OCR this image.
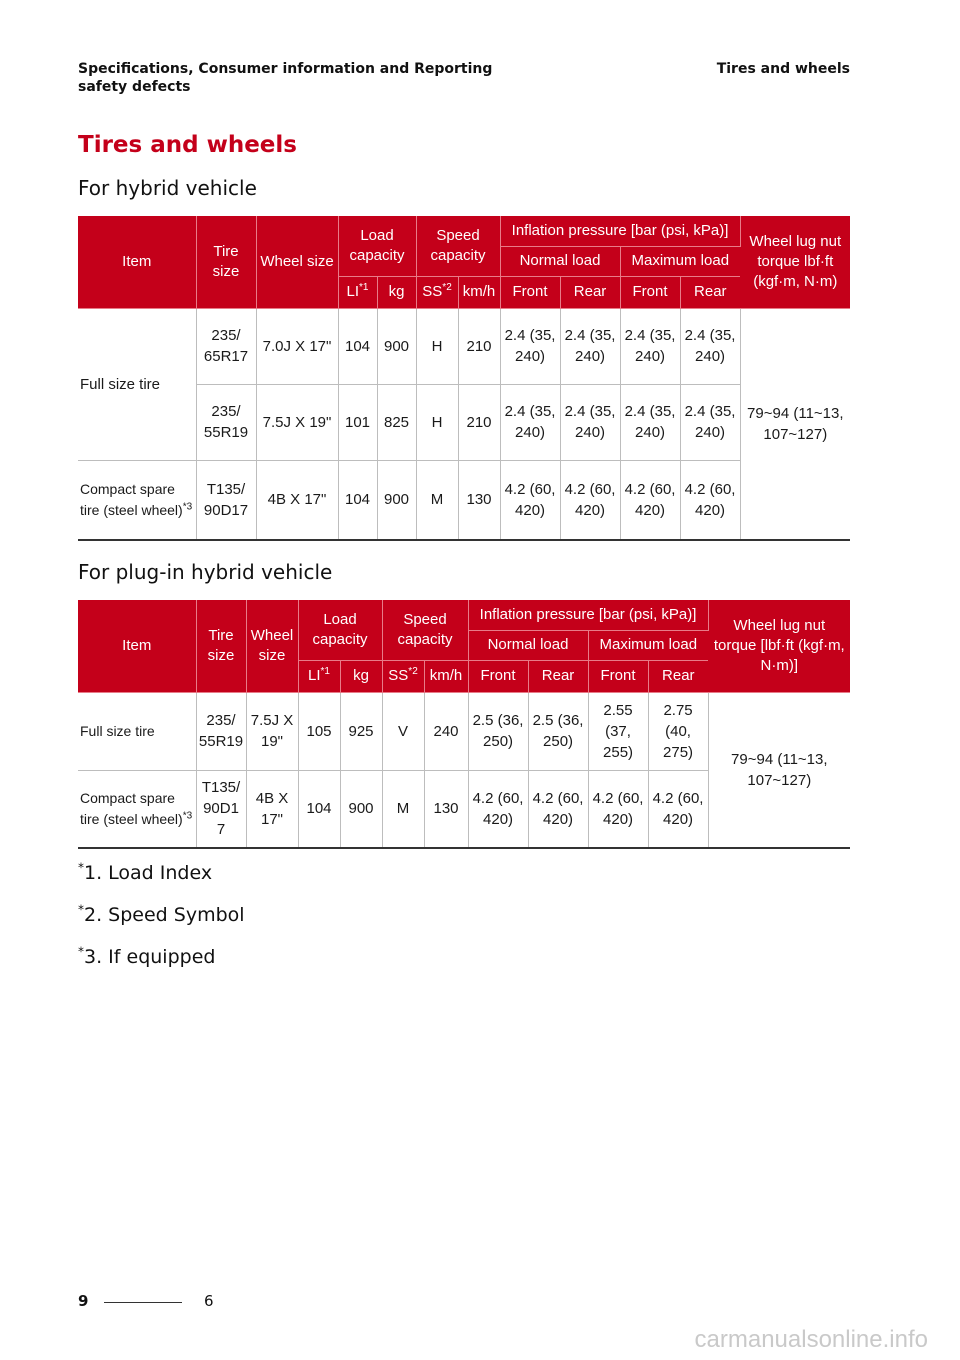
Specifications, Consumer information and Reporting safety defects
Tires and wheels
Tires and wheels
For hybrid vehicle
Item	Tire size	Wheel size	Load capacity		Speed capacity		Inflation pressure [bar (psi, kPa)]				Wheel lug nut torque lbf·ft (kgf·m, N·m)
							Normal load		Maximum load		
			LI$^{*1}$	kg	SS$^{*2}$	km/h	Front	Rear	Front	Rear	
Full size tire	235/ 65R17	7.0J X 17"	104	900	H	210	2.4 (35, 240)	2.4 (35, 240)	2.4 (35, 240)	2.4 (35, 240)	79~94 (11~13, 107~127)
	235/ 55R19	7.5J X 19"	101	825	H	210	2.4 (35, 240)	2.4 (35, 240)	2.4 (35, 240)	2.4 (35, 240)	
Compact spare tire (steel wheel)$^{*3}$	T135/ 90D17	4B X 17"	104	900	M	130	4.2 (60, 420)	4.2 (60, 420)	4.2 (60, 420)	4.2 (60, 420)	
For plug-in hybrid vehicle
Item	Tire size	Wheel size	Load capacity		Speed capacity		Inflation pressure [bar (psi, kPa)]				Wheel lug nut torque [lbf·ft (kgf·m, N·m)]
							Normal load		Maximum load		
			LI$^{*1}$	kg	SS$^{*2}$	km/h	Front	Rear	Front	Rear	
Full size tire	235/ 55R19	7.5J X 19"	105	925	V	240	2.5 (36, 250)	2.5 (36, 250)	2.55 (37, 255)	2.75 (40, 275)	79~94 (11~13, 107~127)
Compact spare tire (steel wheel)$^{*3}$	T135/ 90D1 7	4B X 17"	104	900	M	130	4.2 (60, 420)	4.2 (60, 420)	4.2 (60, 420)	4.2 (60, 420)	
*1. Load Index
*2. Speed Symbol
*3. If equipped
9	6
carmanualsonline.info
